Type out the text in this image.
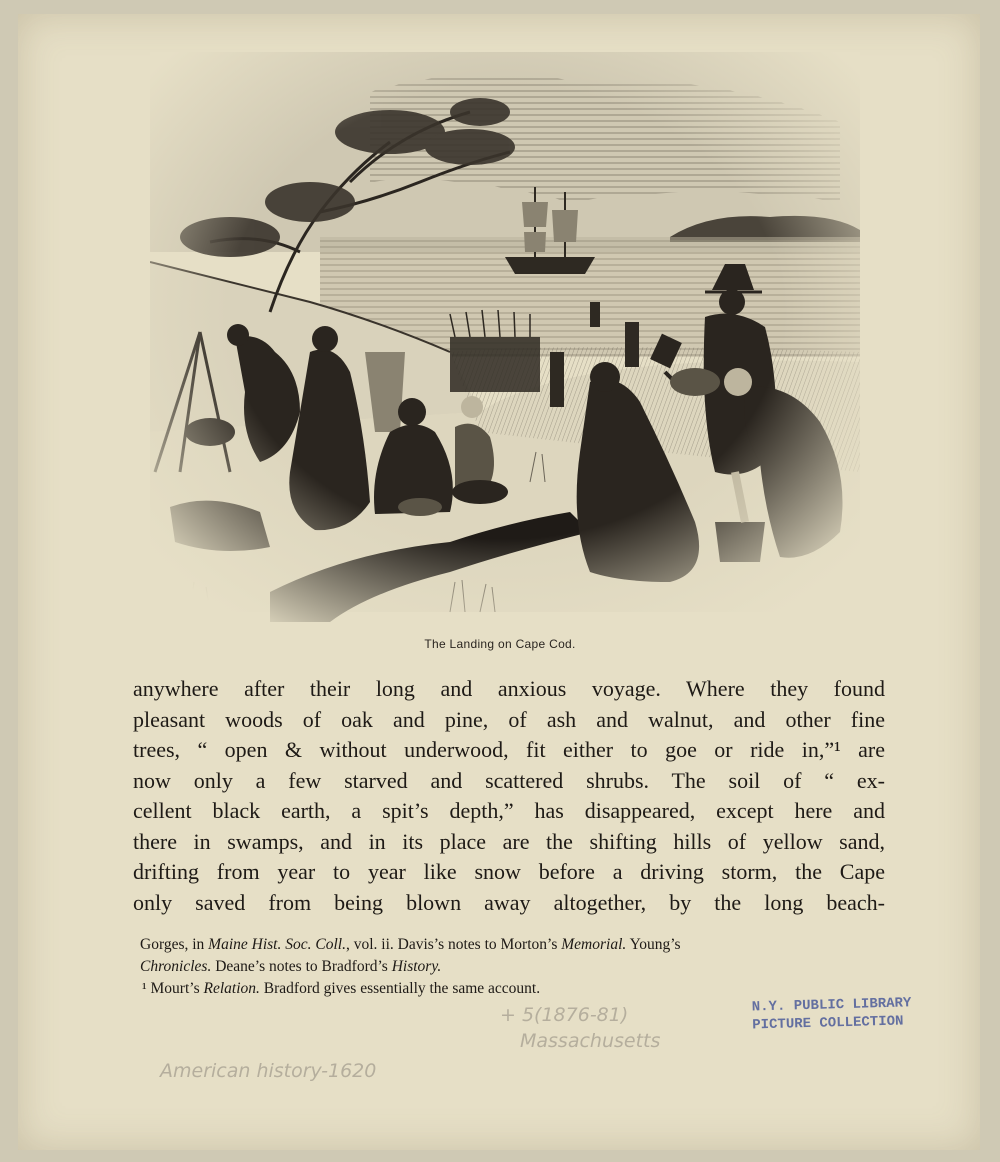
The Landing on Cape Cod.
anywhere after their long and anxious voyage. Where they found
pleasant woods of oak and pine, of ash and walnut, and other fine
trees, “ open & without underwood, fit either to goe or ride in,”¹ are
now only a few starved and scattered shrubs. The soil of “ ex-
cellent black earth, a spit’s depth,” has disappeared, except here and
there in swamps, and in its place are the shifting hills of yellow sand,
drifting from year to year like snow before a driving storm, the Cape
only saved from being blown away altogether, by the long beach-
Gorges, in Maine Hist. Soc. Coll., vol. ii. Davis’s notes to Morton’s Memorial. Young’s
Chronicles. Deane’s notes to Bradford’s History.
¹ Mourt’s Relation. Bradford gives essentially the same account.
+ 5(1876-81)
Massachusetts
American history-1620
N.Y. PUBLIC LIBRARY
PICTURE COLLECTION
